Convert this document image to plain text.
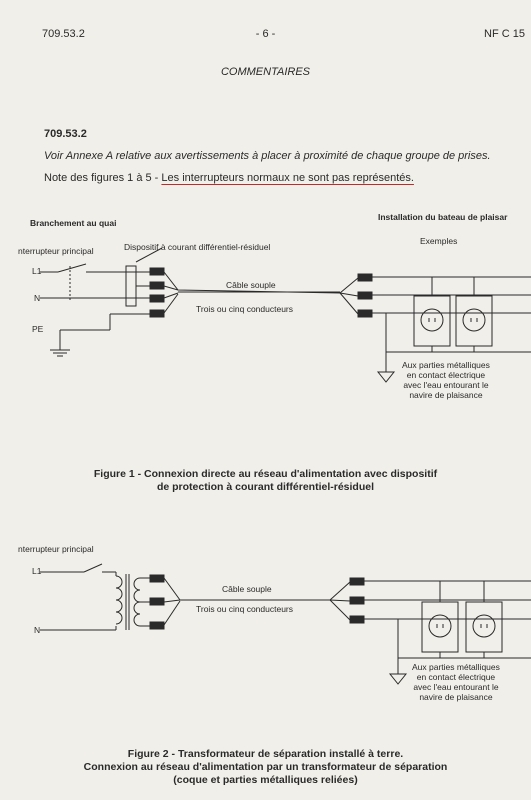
709.53.2	- 6 -	NF C 15
COMMENTAIRES
709.53.2
Voir Annexe A relative aux avertissements à placer à proximité de chaque groupe de prises.
Note des figures 1 à 5 - Les interrupteurs normaux ne sont pas représentés.
Branchement au quai
Installation du bateau de plaisar
Exemples
nterrupteur principal	Dispositif à courant différentiel-résiduel
L1
N
PE
Câble souple
Trois ou cinq conducteurs
Aux parties métalliques
en contact électrique
avec l'eau entourant le
navire de plaisance
Figure 1 - Connexion directe au réseau d'alimentation avec dispositif
de protection à courant différentiel-résiduel
nterrupteur principal
L1
N
Câble souple
Trois ou cinq conducteurs
Aux parties métalliques
en contact électrique
avec l'eau entourant le
navire de plaisance
Figure 2 - Transformateur de séparation installé à terre.
Connexion au réseau d'alimentation par un transformateur de séparation
(coque et parties métalliques reliées)
